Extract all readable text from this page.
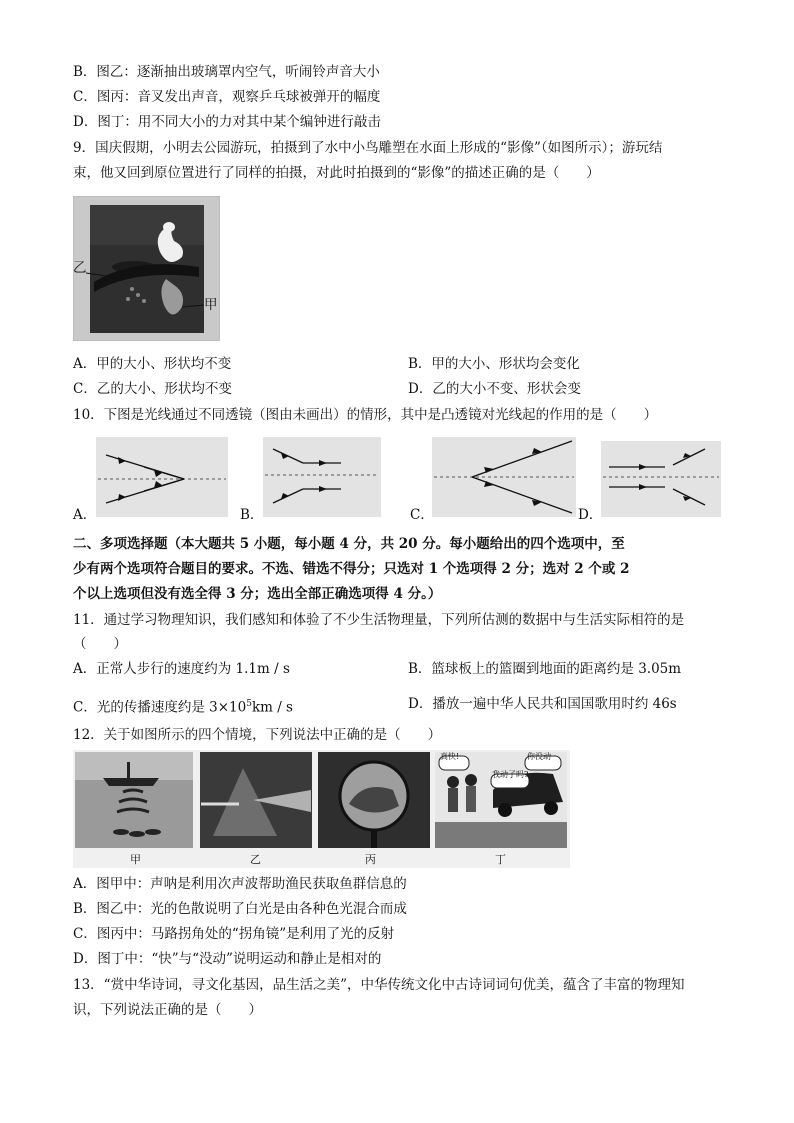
B．图乙：逐渐抽出玻璃罩内空气，听闹铃声音大小
C．图丙：音叉发出声音，观察乒乓球被弹开的幅度
D．图丁：用不同大小的力对其中某个编钟进行敲击
9．国庆假期，小明去公园游玩，拍摄到了水中小鸟雕塑在水面上形成的“影像”（如图所示）；游玩结
束，他又回到原位置进行了同样的拍摄，对此时拍摄到的“影像”的描述正确的是（　　）
乙
甲
A．甲的大小、形状均不变	B．甲的大小、形状均会变化
C．乙的大小、形状均不变	D．乙的大小不变、形状会变
10．下图是光线通过不同透镜（图由未画出）的情形，其中是凸透镜对光线起的作用的是（　　）
A．	B．	C．	D．
二、多项选择题（本大题共 5 小题，每小题 4 分，共 20 分。每小题给出的四个选项中，至
少有两个选项符合题目的要求。不选、错选不得分；只选对 1 个选项得 2 分；选对 2 个或 2
个以上选项但没有选全得 3 分；选出全部正确选项得 4 分。）
11．通过学习物理知识，我们感知和体验了不少生活物理量，下列所估测的数据中与生活实际相符的是
（　　）
A．正常人步行的速度约为 1.1m / s	B．篮球板上的篮圈到地面的距离约是 3.05m
C．光的传播速度约是 $3\times 10^5km / s$	D．播放一遍中华人民共和国国歌用时约 46s
12．关于如图所示的四个情境，下列说法中正确的是（　　）
真快!	你没动
我动了吗?
甲	乙	丙	丁
A．图甲中：声呐是利用次声波帮助渔民获取鱼群信息的
B．图乙中：光的色散说明了白光是由各种色光混合而成
C．图丙中：马路拐角处的“拐角镜”是利用了光的反射
D．图丁中：“快”与“没动”说明运动和静止是相对的
13．“赏中华诗词，寻文化基因，品生活之美”，中华传统文化中古诗词词句优美，蕴含了丰富的物理知
识，下列说法正确的是（　　）
